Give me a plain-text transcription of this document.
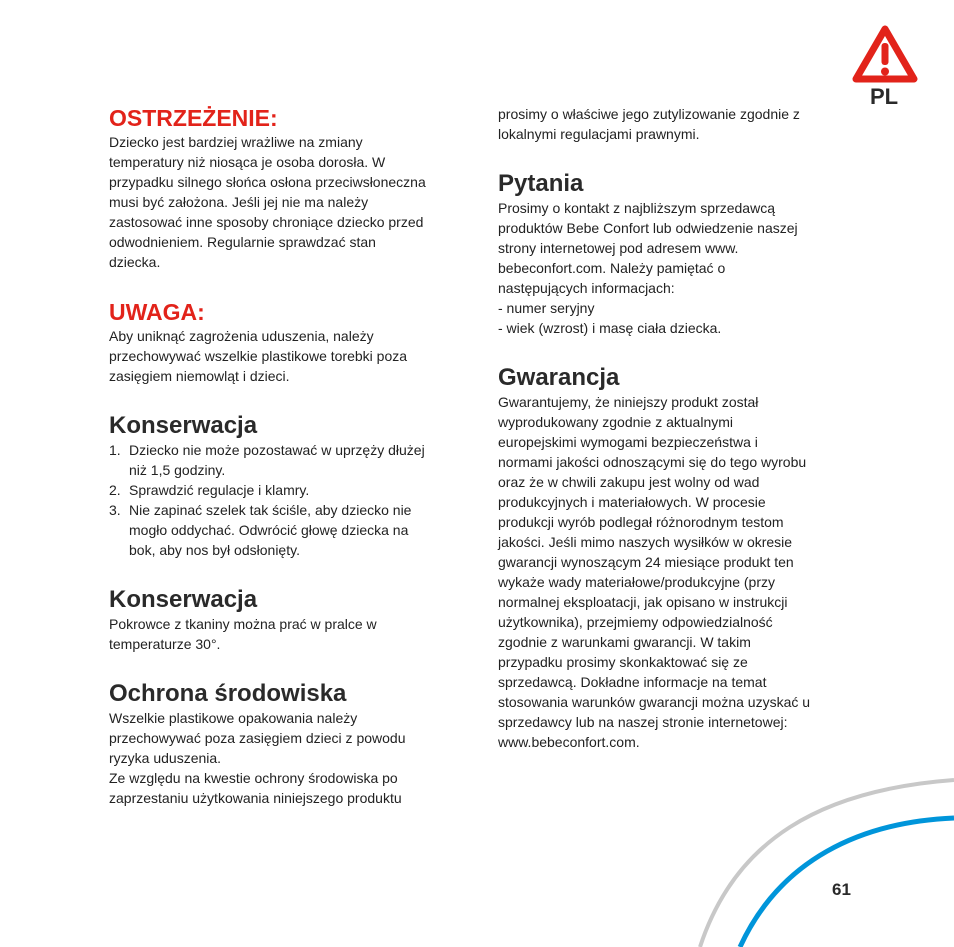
PL
OSTRZEŻENIE:

Dziecko jest bardziej wrażliwe na zmiany
temperatury niż niosąca je osoba dorosła. W
przypadku silnego słońca osłona przeciwsłoneczna
musi być założona. Jeśli jej nie ma należy
zastosować inne sposoby chroniące dziecko przed
odwodnieniem. Regularnie sprawdzać stan
dziecka.

UWAGA:

Aby uniknąć zagrożenia uduszenia, należy
przechowywać wszelkie plastikowe torebki poza
zasięgiem niemowląt i dzieci.

Konserwacja
1. Dziecko nie może pozostawać w uprzęży dłużej
niż 1,5 godziny.
2. Sprawdzić regulacje i klamry.
3. Nie zapinać szelek tak ściśle, aby dziecko nie
mogło oddychać. Odwrócić głowę dziecka na
bok, aby nos był odsłonięty.
Konserwacja

Pokrowce z tkaniny można prać w pralce w
temperaturze 30°.

Ochrona środowiska

Wszelkie plastikowe opakowania należy
przechowywać poza zasięgiem dzieci z powodu
ryzyka uduszenia.
Ze względu na kwestie ochrony środowiska po
zaprzestaniu użytkowania niniejszego produktu

prosimy o właściwe jego zutylizowanie zgodnie z
lokalnymi regulacjami prawnymi.

Pytania

Prosimy o kontakt z najbliższym sprzedawcą
produktów Bebe Confort lub odwiedzenie naszej
strony internetowej pod adresem www.
bebeconfort.com. Należy pamiętać o
następujących informacjach:
- numer seryjny
- wiek (wzrost) i masę ciała dziecka.

Gwarancja

Gwarantujemy, że niniejszy produkt został
wyprodukowany zgodnie z aktualnymi
europejskimi wymogami bezpieczeństwa i
normami jakości odnoszącymi się do tego wyrobu
oraz że w chwili zakupu jest wolny od wad
produkcyjnych i materiałowych. W procesie
produkcji wyrób podlegał różnorodnym testom
jakości. Jeśli mimo naszych wysiłków w okresie
gwarancji wynoszącym 24 miesiące produkt ten
wykaże wady materiałowe/produkcyjne (przy
normalnej eksploatacji, jak opisano w instrukcji
użytkownika), przejmiemy odpowiedzialność
zgodnie z warunkami gwarancji. W takim
przypadku prosimy skonkaktować się ze
sprzedawcą. Dokładne informacje na temat
stosowania warunków gwarancji można uzyskać u
sprzedawcy lub na naszej stronie internetowej:
www.bebeconfort.com.

61
